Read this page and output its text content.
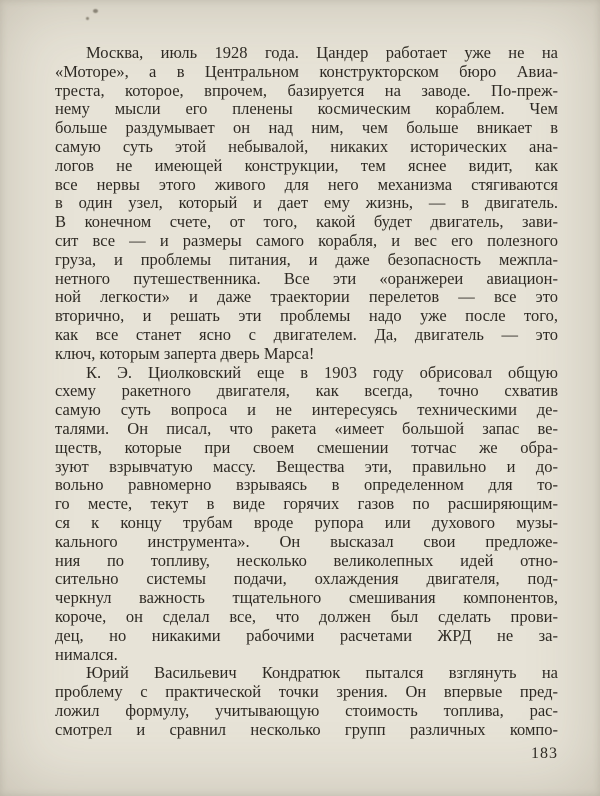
Москва, июль 1928 года. Цандер работает уже не на
«Моторе», а в Центральном конструкторском бюро Авиа-
треста, которое, впрочем, базируется на заводе. По-преж-
нему мысли его пленены космическим кораблем. Чем
больше раздумывает он над ним, чем больше вникает в
самую суть этой небывалой, никаких исторических ана-
логов не имеющей конструкции, тем яснее видит, как
все нервы этого живого для него механизма стягиваются
в один узел, который и дает ему жизнь, — в двигатель.
В конечном счете, от того, какой будет двигатель, зави-
сит все — и размеры самого корабля, и вес его полезного
груза, и проблемы питания, и даже безопасность межпла-
нетного путешественника. Все эти «оранжереи авиацион-
ной легкости» и даже траектории перелетов — все это
вторично, и решать эти проблемы надо уже после того,
как все станет ясно с двигателем. Да, двигатель — это
ключ, которым заперта дверь Марса!
К. Э. Циолковский еще в 1903 году обрисовал общую
схему ракетного двигателя, как всегда, точно схватив
самую суть вопроса и не интересуясь техническими де-
талями. Он писал, что ракета «имеет большой запас ве-
ществ, которые при своем смешении тотчас же обра-
зуют взрывчатую массу. Вещества эти, правильно и до-
вольно равномерно взрываясь в определенном для то-
го месте, текут в виде горячих газов по расширяющим-
ся к концу трубам вроде рупора или духового музы-
кального инструмента». Он высказал свои предложе-
ния по топливу, несколько великолепных идей отно-
сительно системы подачи, охлаждения двигателя, под-
черкнул важность тщательного смешивания компонентов,
короче, он сделал все, что должен был сделать прови-
дец, но никакими рабочими расчетами ЖРД не за-
нимался.
Юрий Васильевич Кондратюк пытался взглянуть на
проблему с практической точки зрения. Он впервые пред-
ложил формулу, учитывающую стоимость топлива, рас-
смотрел и сравнил несколько групп различных компо-
183
